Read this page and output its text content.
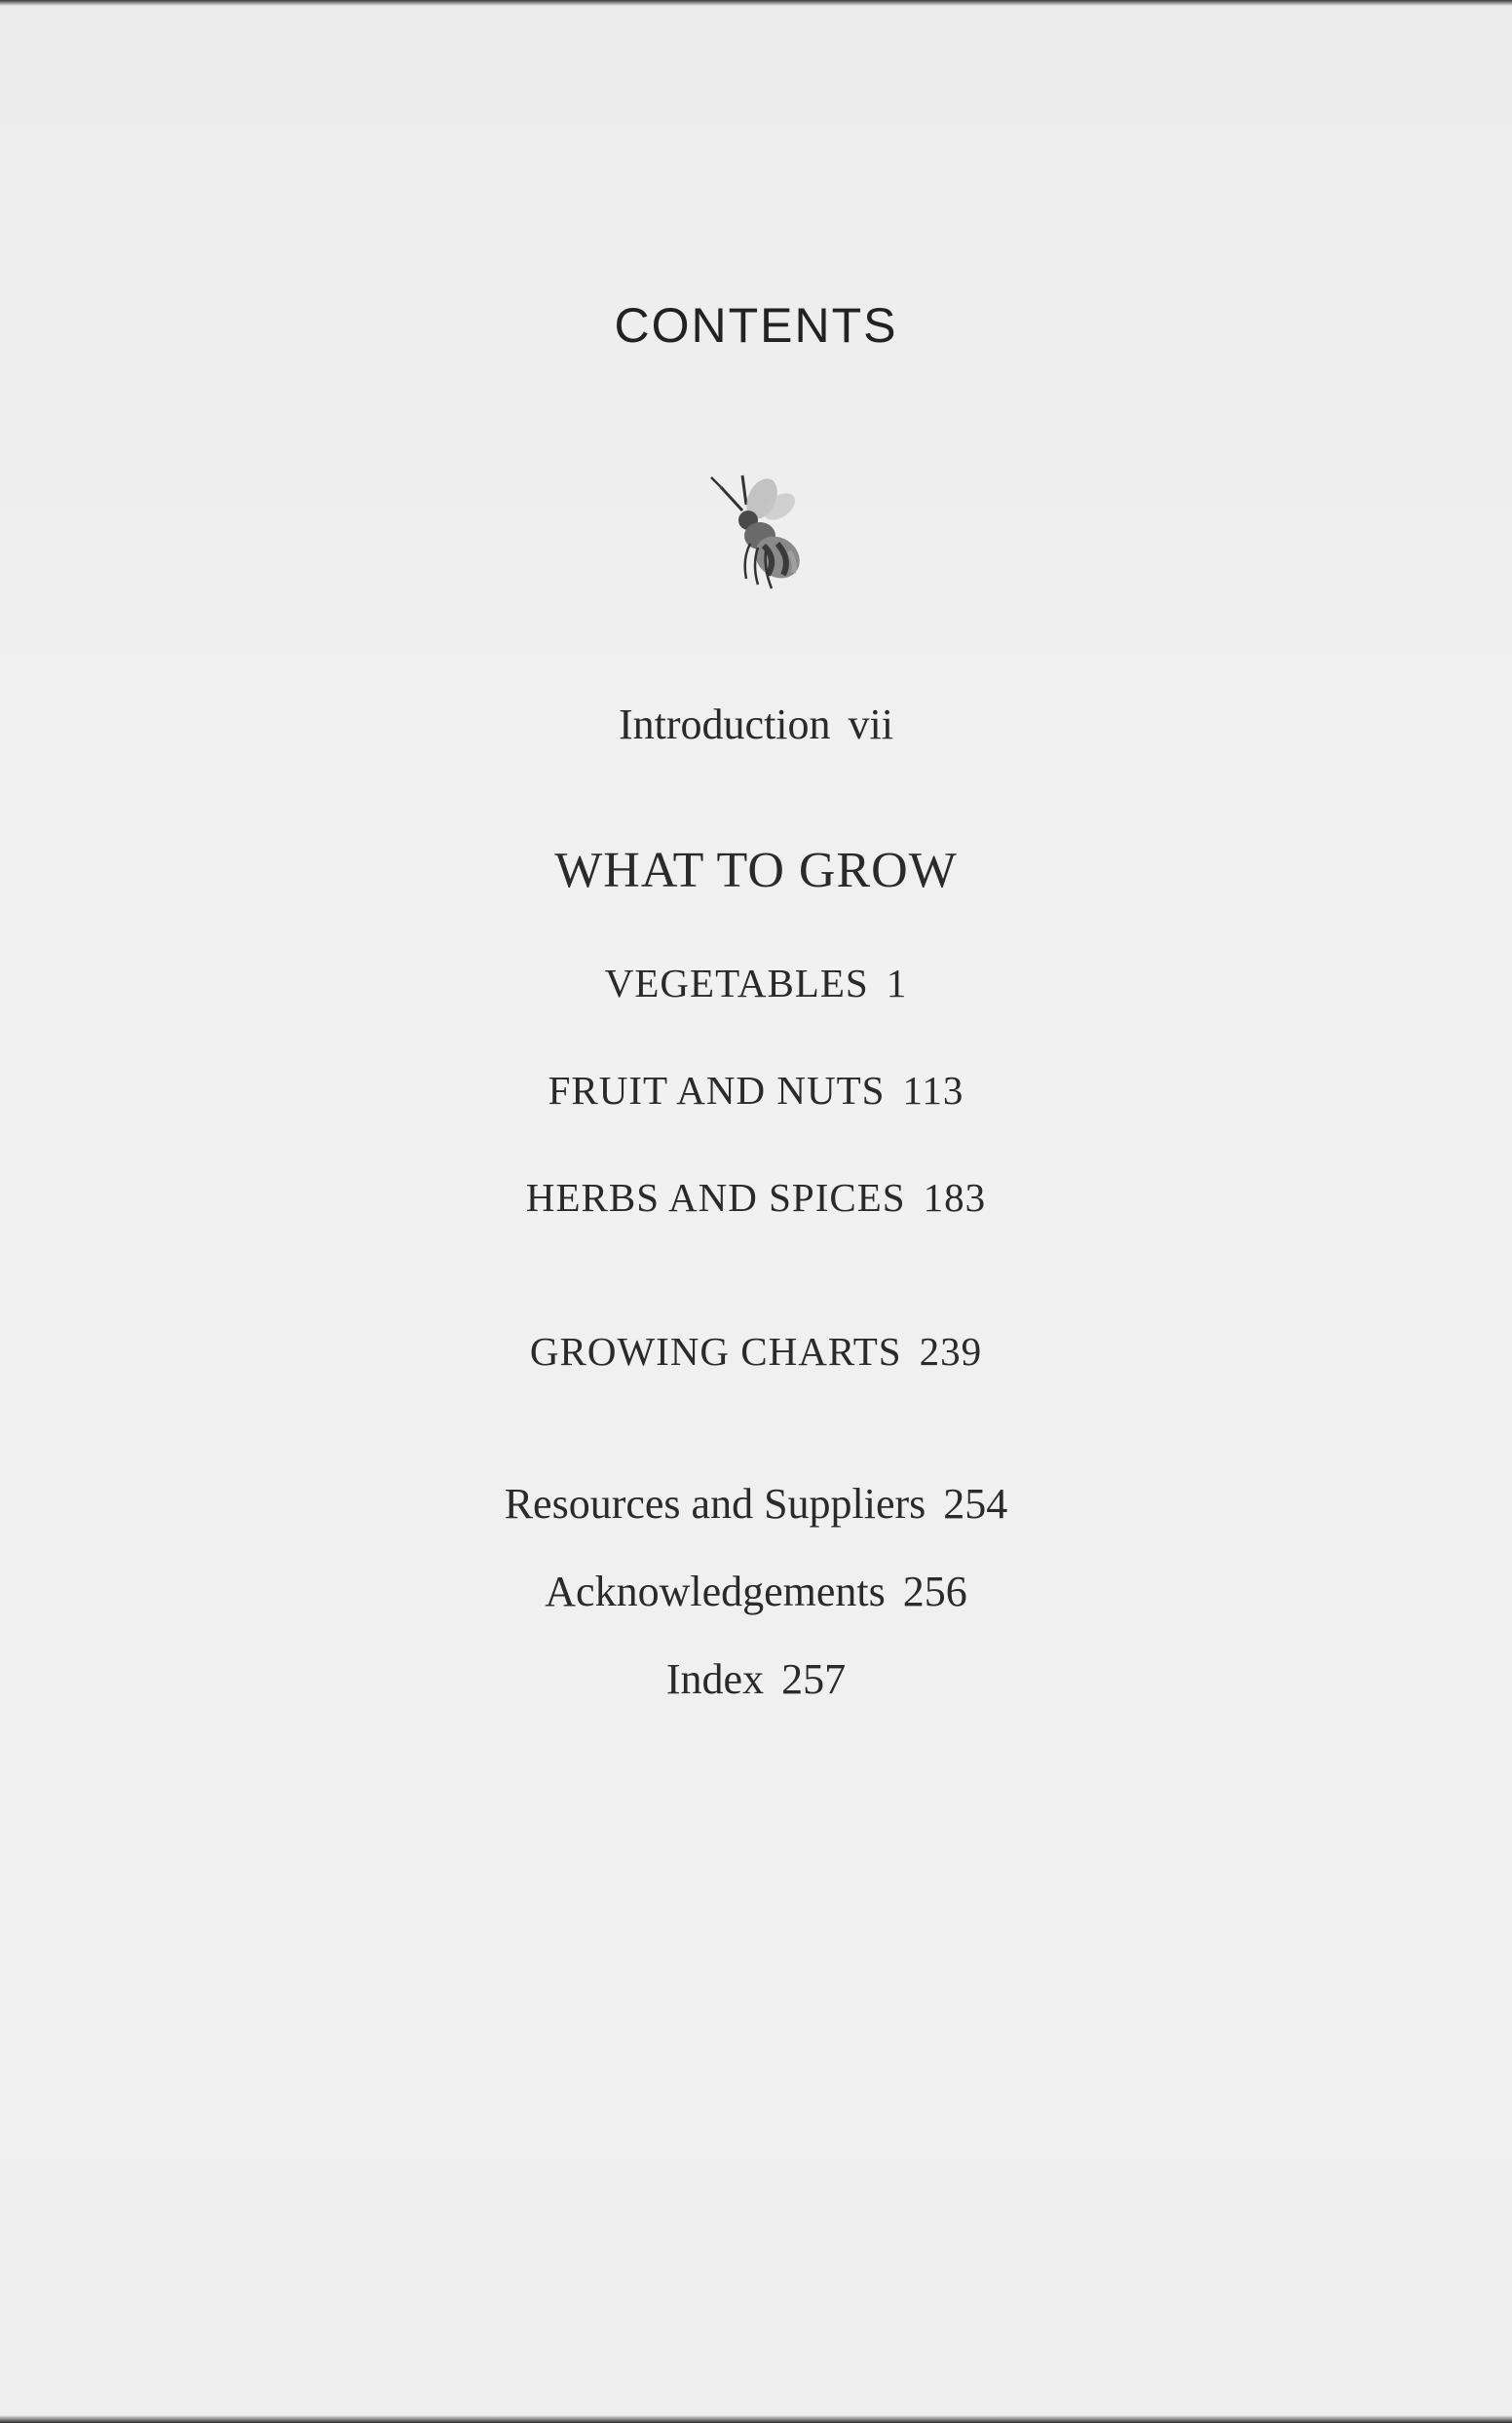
CONTENTS
Introduction vii
WHAT TO GROW
VEGETABLES 1
FRUIT AND NUTS 113
HERBS AND SPICES 183
GROWING CHARTS 239
Resources and Suppliers 254
Acknowledgements 256
Index 257
